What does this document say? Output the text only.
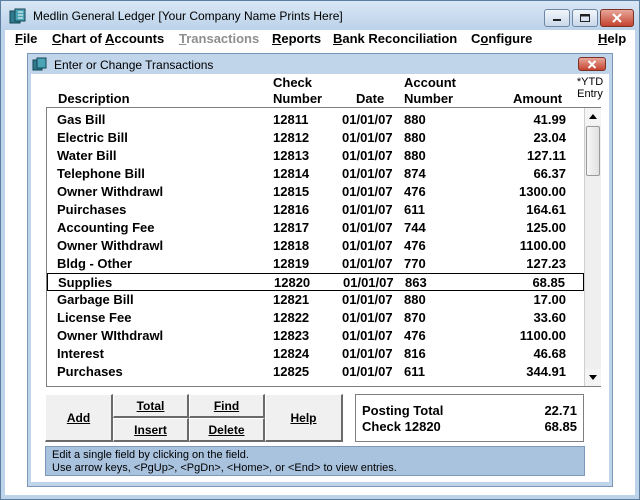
Medlin General Ledger [Your Company Name Prints Here]
File Chart of Accounts Transactions Reports Bank Reconciliation Configure	Help
Enter or Change Transactions
Description
Check
Number	Date
Account
Number	Amount
*YTD
Entry
Gas Bill	12811	01/01/07 880	41.99
Electric Bill	12812	01/01/07 880	23.04
Water Bill	12813	01/01/07 880	127.11
Telephone Bill	12814	01/01/07 874	66.37
Owner Withdrawl	12815	01/01/07 476	1300.00
Puirchases	12816	01/01/07 611	164.61
Accounting Fee	12817	01/01/07 744	125.00
Owner Withdrawl	12818	01/01/07 476	1100.00
Bldg - Other	12819	01/01/07 770	127.23
Supplies	12820	01/01/07 863	68.85
Garbage Bill	12821	01/01/07 880	17.00
License Fee	12822	01/01/07 870	33.60
Owner WIthdrawl	12823	01/01/07 476	1100.00
Interest	12824	01/01/07 816	46.68
Purchases	12825	01/01/07 611	344.91
Add
Total
Insert
Find
Delete
Help	Posting Total	22.71
Check 12820	68.85
Edit a single field by clicking on the field.
Use arrow keys, <PgUp>, <PgDn>, <Home>, or <End> to view entries.
